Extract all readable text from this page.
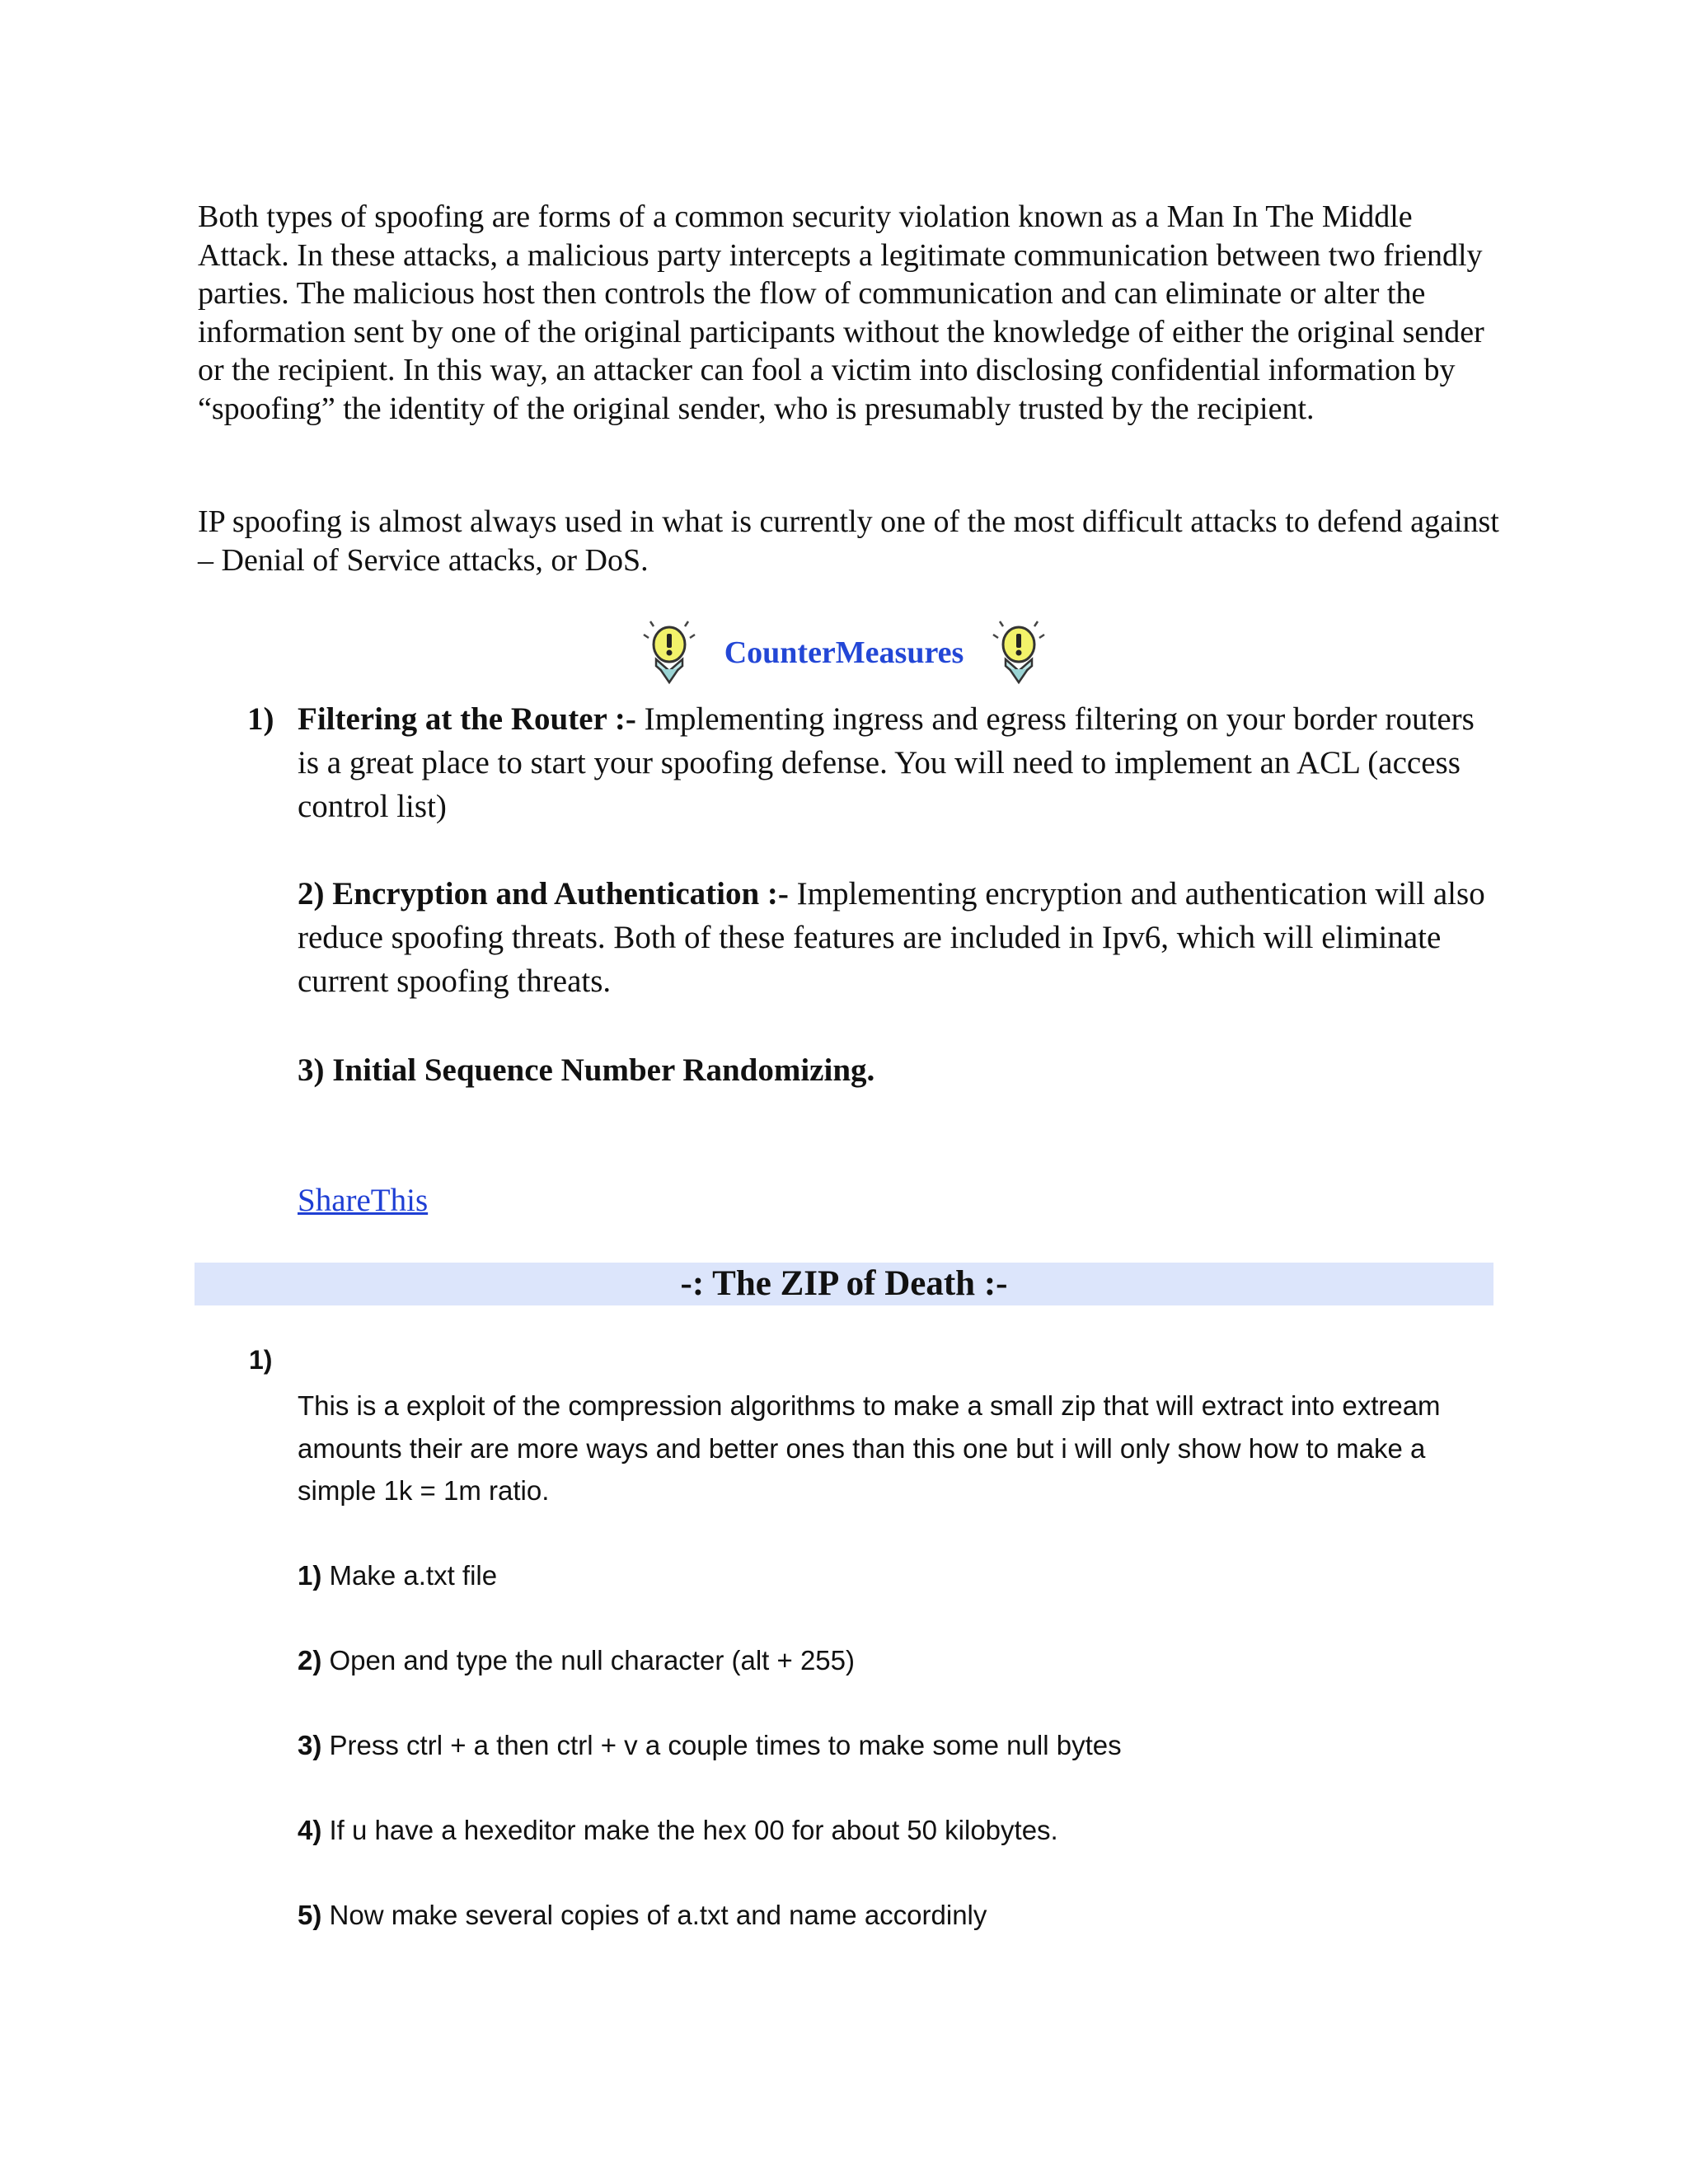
Both types of spoofing are forms of a common security violation known as a Man In The Middle Attack. In these attacks, a malicious party intercepts a legitimate communication between two friendly parties. The malicious host then controls the flow of communication and can eliminate or alter the information sent by one of the original participants without the knowledge of either the original sender or the recipient. In this way, an attacker can fool a victim into disclosing confidential information by “spoofing” the identity of the original sender, who is presumably trusted by the recipient.

IP spoofing is almost always used in what is currently one of the most difficult attacks to defend against – Denial of Service attacks, or DoS.

CounterMeasures
1) Filtering at the Router :- Implementing ingress and egress filtering on your border routers is a great place to start your spoofing defense. You will need to implement an ACL (access control list)
2) Encryption and Authentication :- Implementing encryption and authentication will also reduce spoofing threats. Both of these features are included in Ipv6, which will eliminate current spoofing threats.
3) Initial Sequence Number Randomizing.
ShareThis
-: The ZIP of Death :-
1)
This is a exploit of the compression algorithms to make a small zip that will extract into extream amounts their are more ways and better ones than this one but i will only show how to make a simple 1k = 1m ratio.
1) Make a.txt file
2) Open and type the null character (alt + 255)
3) Press ctrl + a then ctrl + v a couple times to make some null bytes
4) If u have a hexeditor make the hex 00 for about 50 kilobytes.
5) Now make several copies of a.txt and name accordinly
